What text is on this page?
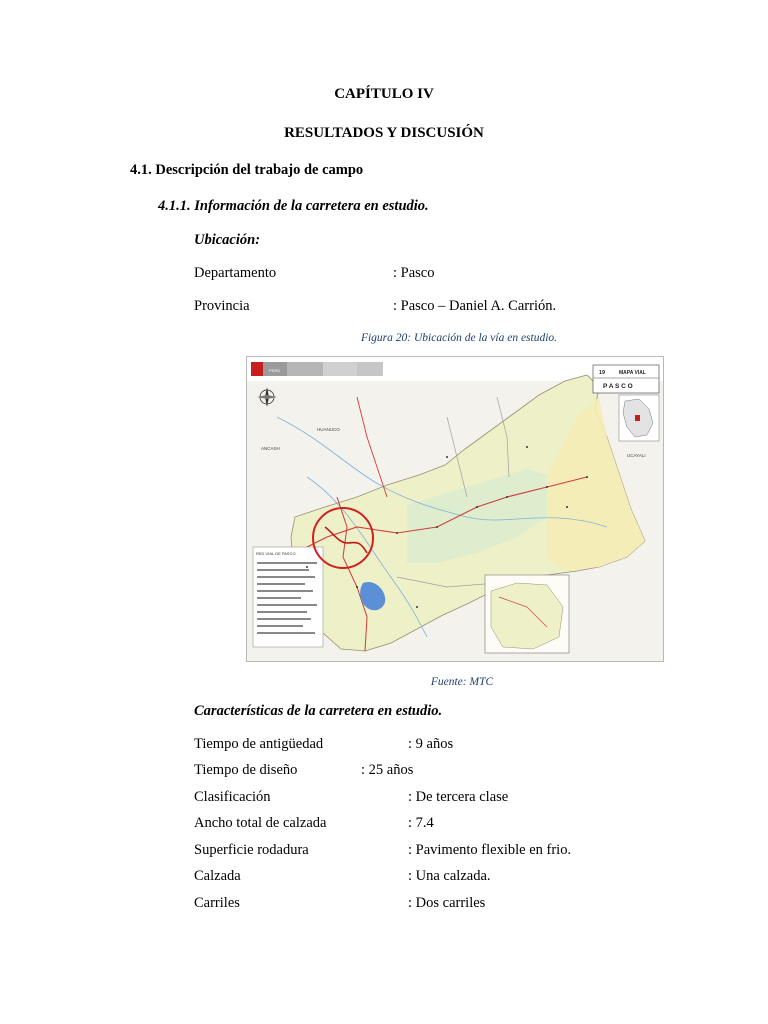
CAPÍTULO IV
RESULTADOS Y DISCUSIÓN
4.1. Descripción del trabajo de campo
4.1.1. Información de la carretera en estudio.
Ubicación:
Departamento	: Pasco
Provincia	: Pasco – Daniel A. Carrión.
Figura 20: Ubicación de la vía en estudio.
PERÚ
HUANUCO
ANCASH
UCAYALI
RED VIAL DE PASCO
19	MAPA VIAL
P A S C O
Fuente: MTC
Características de la carretera en estudio.
Tiempo de antigüedad	: 9 años
Tiempo de diseño	: 25 años
Clasificación	: De tercera clase
Ancho total de calzada	: 7.4
Superficie rodadura	: Pavimento flexible en frio.
Calzada	: Una calzada.
Carriles	: Dos carriles
